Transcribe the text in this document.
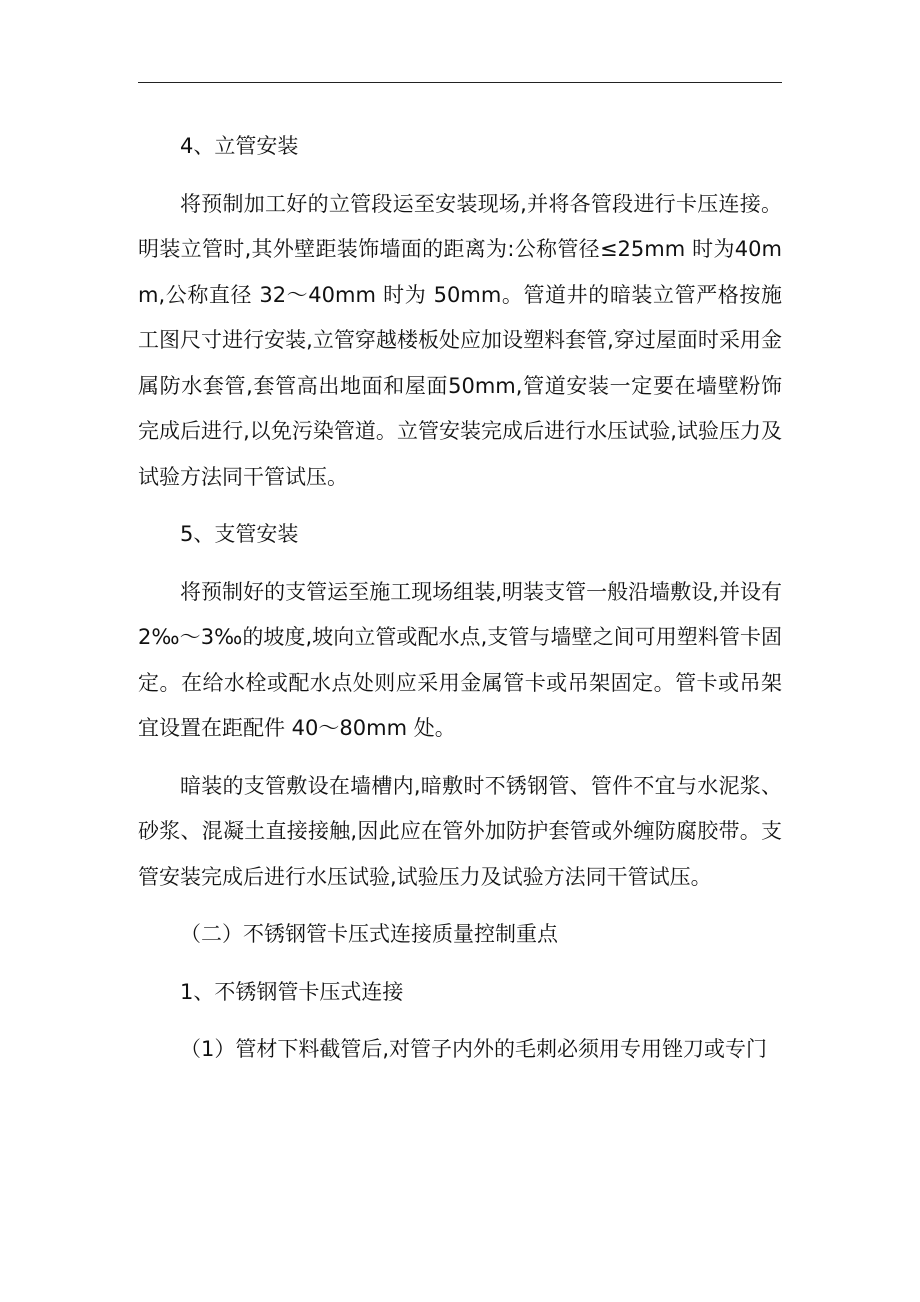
4、立管安装

将预制加工好的立管段运至安装现场,并将各管段进行卡压连接。明装立管时,其外壁距装饰墙面的距离为:公称管径≤25mm 时为40mm,公称直径 32～40mm 时为 50mm。管道井的暗装立管严格按施工图尺寸进行安装,立管穿越楼板处应加设塑料套管,穿过屋面时采用金属防水套管,套管高出地面和屋面50mm,管道安装一定要在墙壁粉饰完成后进行,以免污染管道。立管安装完成后进行水压试验,试验压力及试验方法同干管试压。

5、支管安装

将预制好的支管运至施工现场组装,明装支管一般沿墙敷设,并设有 2‰～3‰的坡度,坡向立管或配水点,支管与墙壁之间可用塑料管卡固定。在给水栓或配水点处则应采用金属管卡或吊架固定。管卡或吊架宜设置在距配件 40～80mm 处。

暗装的支管敷设在墙槽内,暗敷时不锈钢管、管件不宜与水泥浆、砂浆、混凝土直接接触,因此应在管外加防护套管或外缠防腐胶带。支管安装完成后进行水压试验,试验压力及试验方法同干管试压。

（二）不锈钢管卡压式连接质量控制重点

1、不锈钢管卡压式连接

（1）管材下料截管后,对管子内外的毛刺必须用专用锉刀或专门
